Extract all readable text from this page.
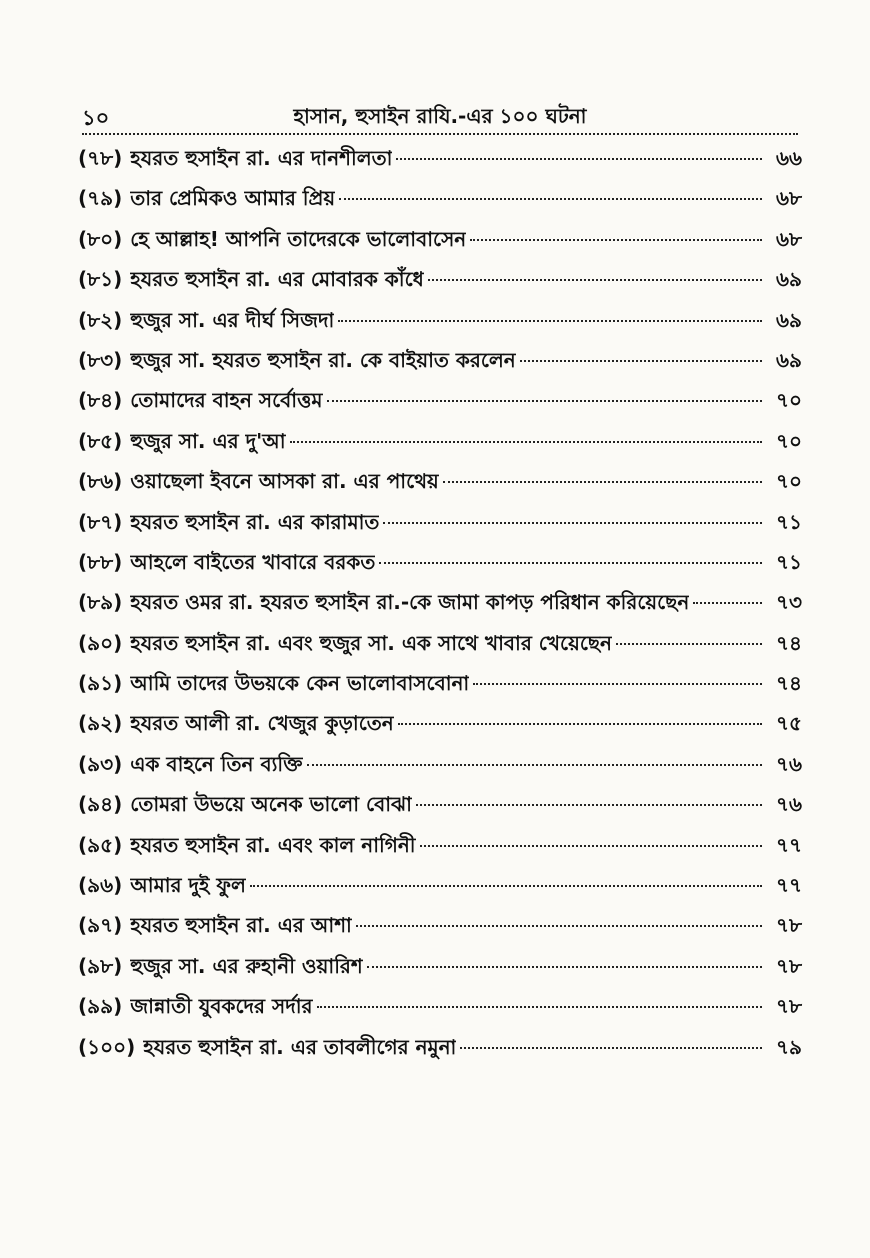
১০	হাসান, হুসাইন রাযি.-এর ১০০ ঘটনা
(৭৮) হযরত হুসাইন রা. এর দানশীলতা	৬৬
(৭৯) তার প্রেমিকও আমার প্রিয়	৬৮
(৮০) হে আল্লাহ! আপনি তাদেরকে ভালোবাসেন	৬৮
(৮১) হযরত হুসাইন রা. এর মোবারক কাঁধে	৬৯
(৮২) হুজুর সা. এর দীর্ঘ সিজদা	৬৯
(৮৩) হুজুর সা. হযরত হুসাইন রা. কে বাইয়াত করলেন	৬৯
(৮৪) তোমাদের বাহন সর্বোত্তম	৭০
(৮৫) হুজুর সা. এর দু'আ	৭০
(৮৬) ওয়াছেলা ইবনে আসকা রা. এর পাথেয়	৭০
(৮৭) হযরত হুসাইন রা. এর কারামাত	৭১
(৮৮) আহলে বাইতের খাবারে বরকত	৭১
(৮৯) হযরত ওমর রা. হযরত হুসাইন রা.-কে জামা কাপড় পরিধান করিয়েছেন	৭৩
(৯০) হযরত হুসাইন রা. এবং হুজুর সা. এক সাথে খাবার খেয়েছেন	৭৪
(৯১) আমি তাদের উভয়কে কেন ভালোবাসবোনা	৭৪
(৯২) হযরত আলী রা. খেজুর কুড়াতেন	৭৫
(৯৩) এক বাহনে তিন ব্যক্তি	৭৬
(৯৪) তোমরা উভয়ে অনেক ভালো বোঝা	৭৬
(৯৫) হযরত হুসাইন রা. এবং কাল নাগিনী	৭৭
(৯৬) আমার দুই ফুল	৭৭
(৯৭) হযরত হুসাইন রা. এর আশা	৭৮
(৯৮) হুজুর সা. এর রুহানী ওয়ারিশ	৭৮
(৯৯) জান্নাতী যুবকদের সর্দার	৭৮
(১০০) হযরত হুসাইন রা. এর তাবলীগের নমুনা	৭৯
